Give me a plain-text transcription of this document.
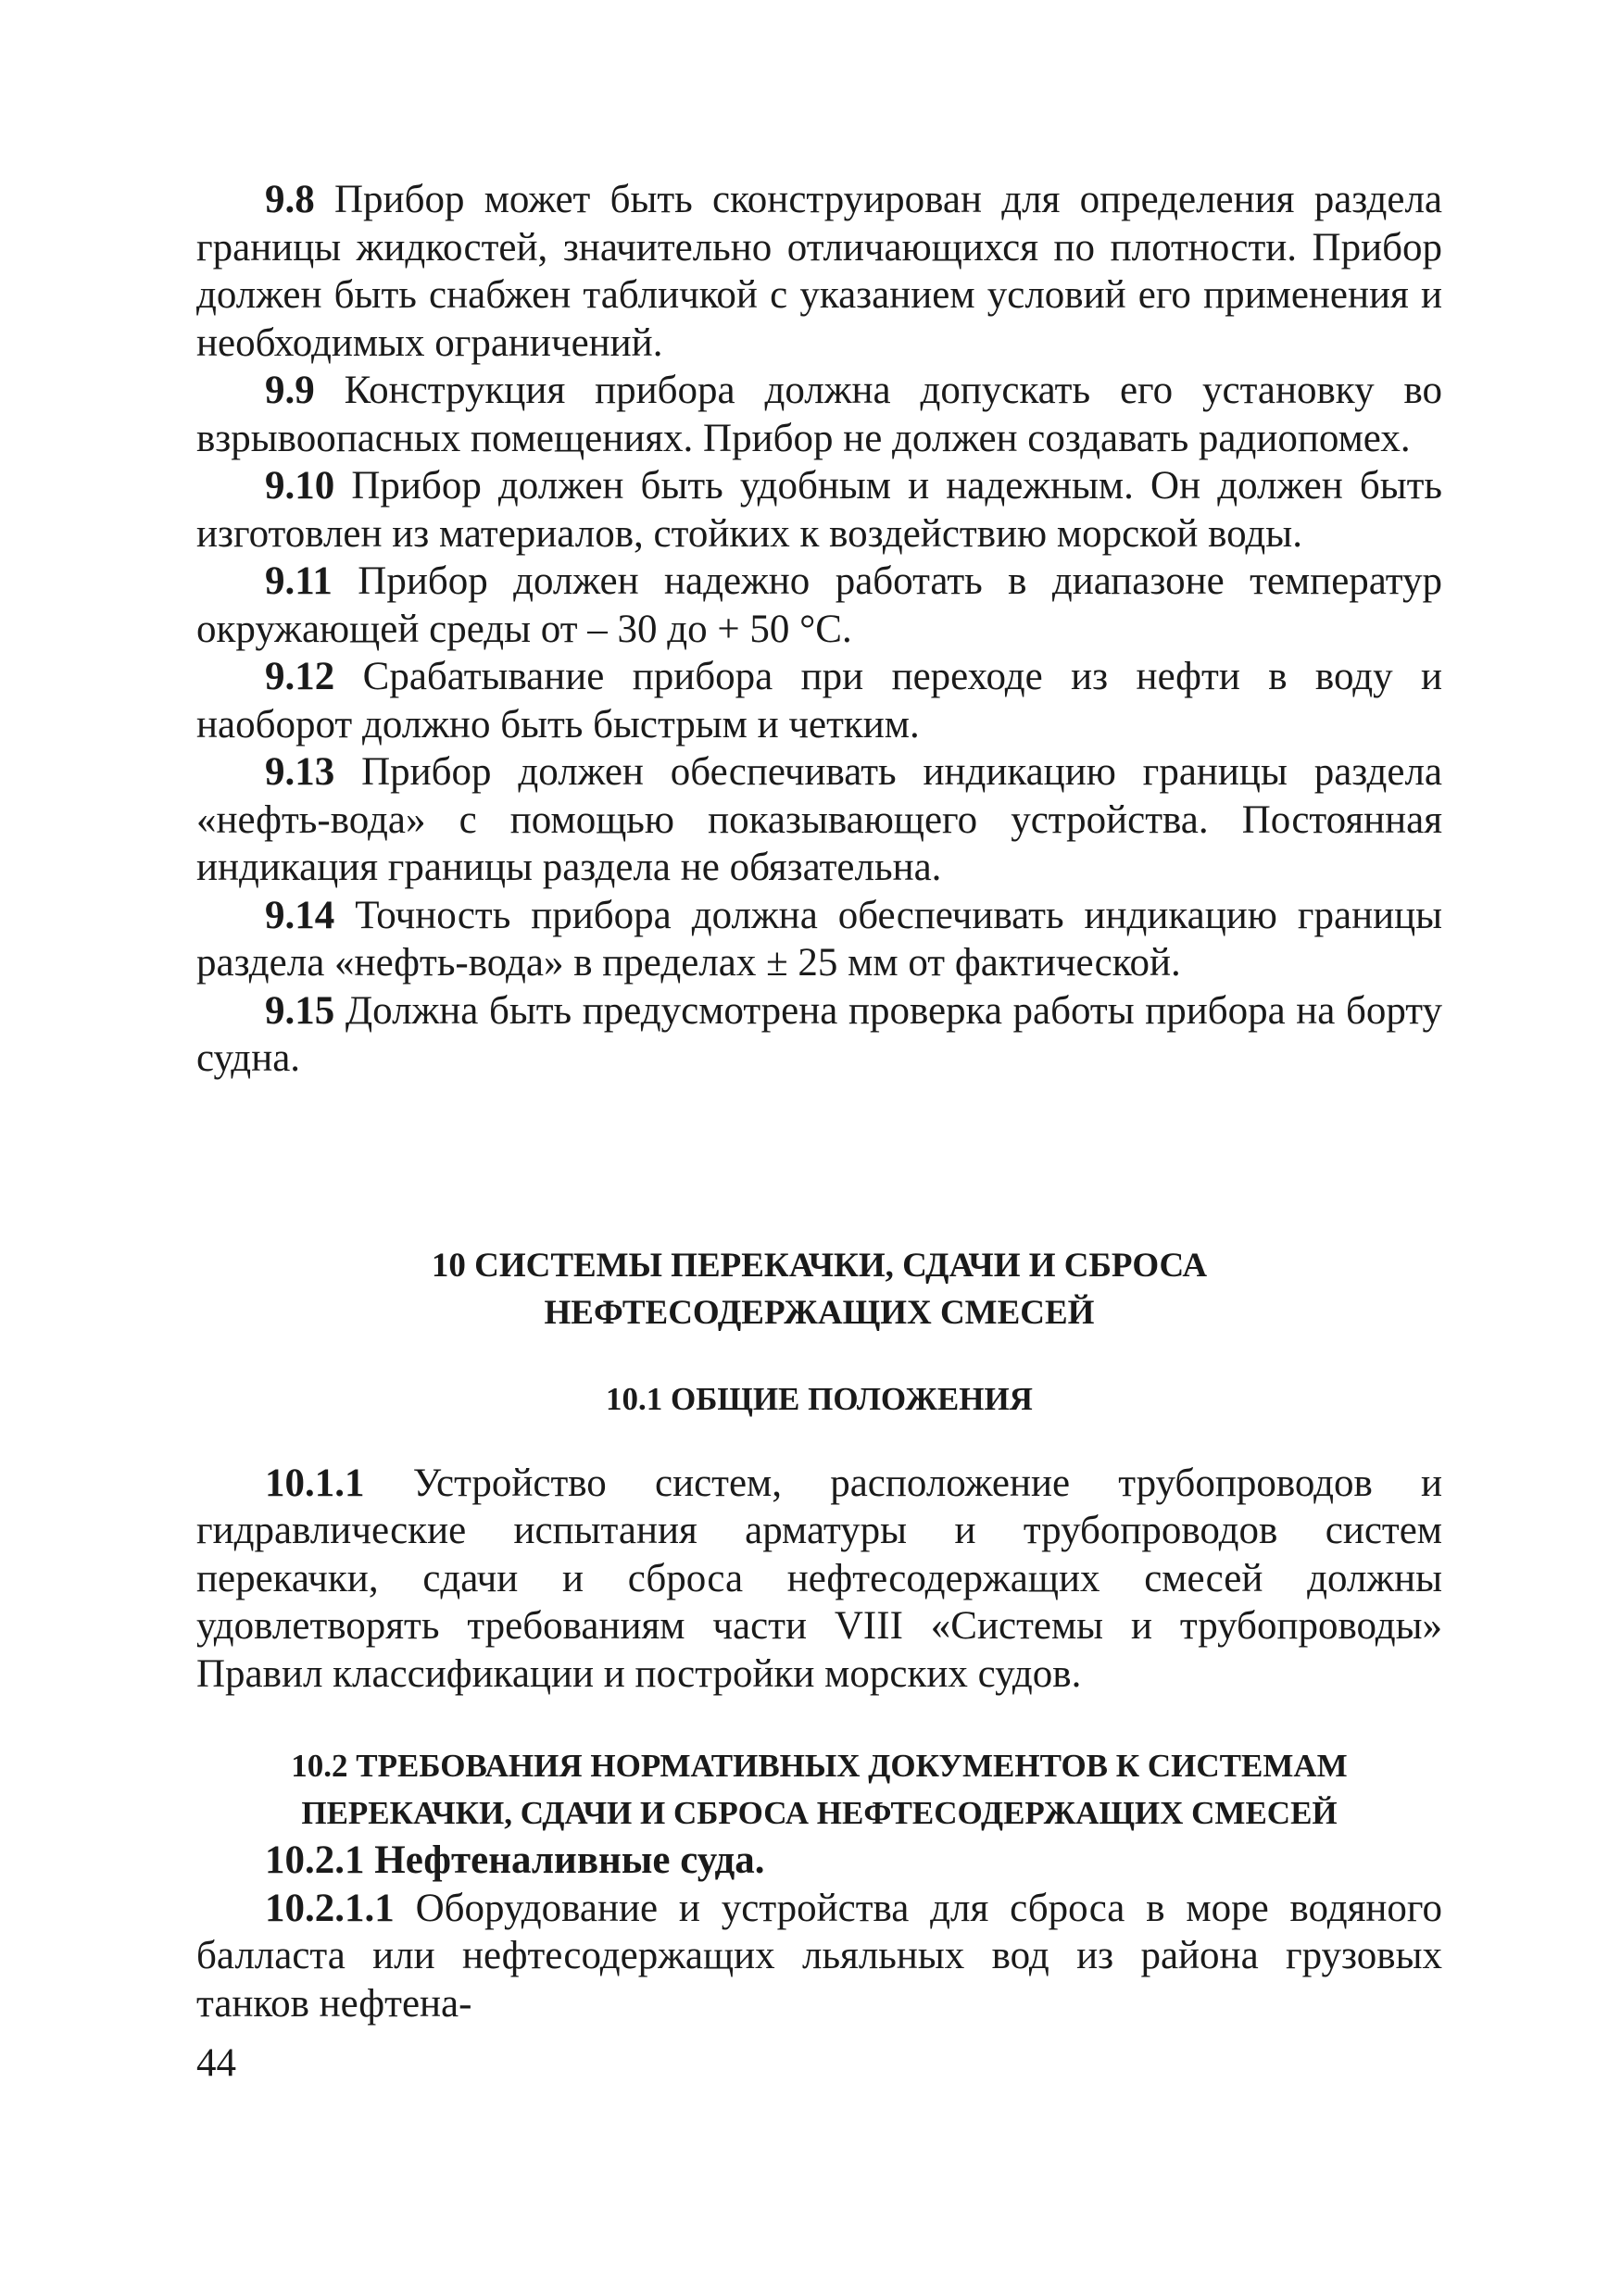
9.8 Прибор может быть сконструирован для определения раздела границы жидкостей, значительно отличающихся по плотности. Прибор должен быть снабжен табличкой с указанием условий его применения и необходимых ограничений.

9.9 Конструкция прибора должна допускать его установку во взрывоопасных помещениях. Прибор не должен создавать радиопомех.

9.10 Прибор должен быть удобным и надежным. Он должен быть изготовлен из материалов, стойких к воздействию морской воды.

9.11 Прибор должен надежно работать в диапазоне температур окружающей среды от – 30 до + 50 °С.

9.12 Срабатывание прибора при переходе из нефти в воду и наоборот должно быть быстрым и четким.

9.13 Прибор должен обеспечивать индикацию границы раздела «нефть-вода» с помощью показывающего устройства. Постоянная индикация границы раздела не обязательна.

9.14 Точность прибора должна обеспечивать индикацию границы раздела «нефть-вода» в пределах ± 25 мм от фактической.

9.15 Должна быть предусмотрена проверка работы прибора на борту судна.

10 СИСТЕМЫ ПЕРЕКАЧКИ, СДАЧИ И СБРОСА
НЕФТЕСОДЕРЖАЩИХ СМЕСЕЙ
10.1 ОБЩИЕ ПОЛОЖЕНИЯ

10.1.1 Устройство систем, расположение трубопроводов и гидравлические испытания арматуры и трубопроводов систем перекачки, сдачи и сброса нефтесодержащих смесей должны удовлетворять требованиям части VIII «Системы и трубопроводы» Правил классификации и постройки морских судов.

10.2 ТРЕБОВАНИЯ НОРМАТИВНЫХ ДОКУМЕНТОВ К СИСТЕМАМ
ПЕРЕКАЧКИ, СДАЧИ И СБРОСА НЕФТЕСОДЕРЖАЩИХ СМЕСЕЙ

10.2.1 Нефтеналивные суда.

10.2.1.1 Оборудование и устройства для сброса в море водяного балласта или нефтесодержащих льяльных вод из района грузовых танков нефтена-

44
